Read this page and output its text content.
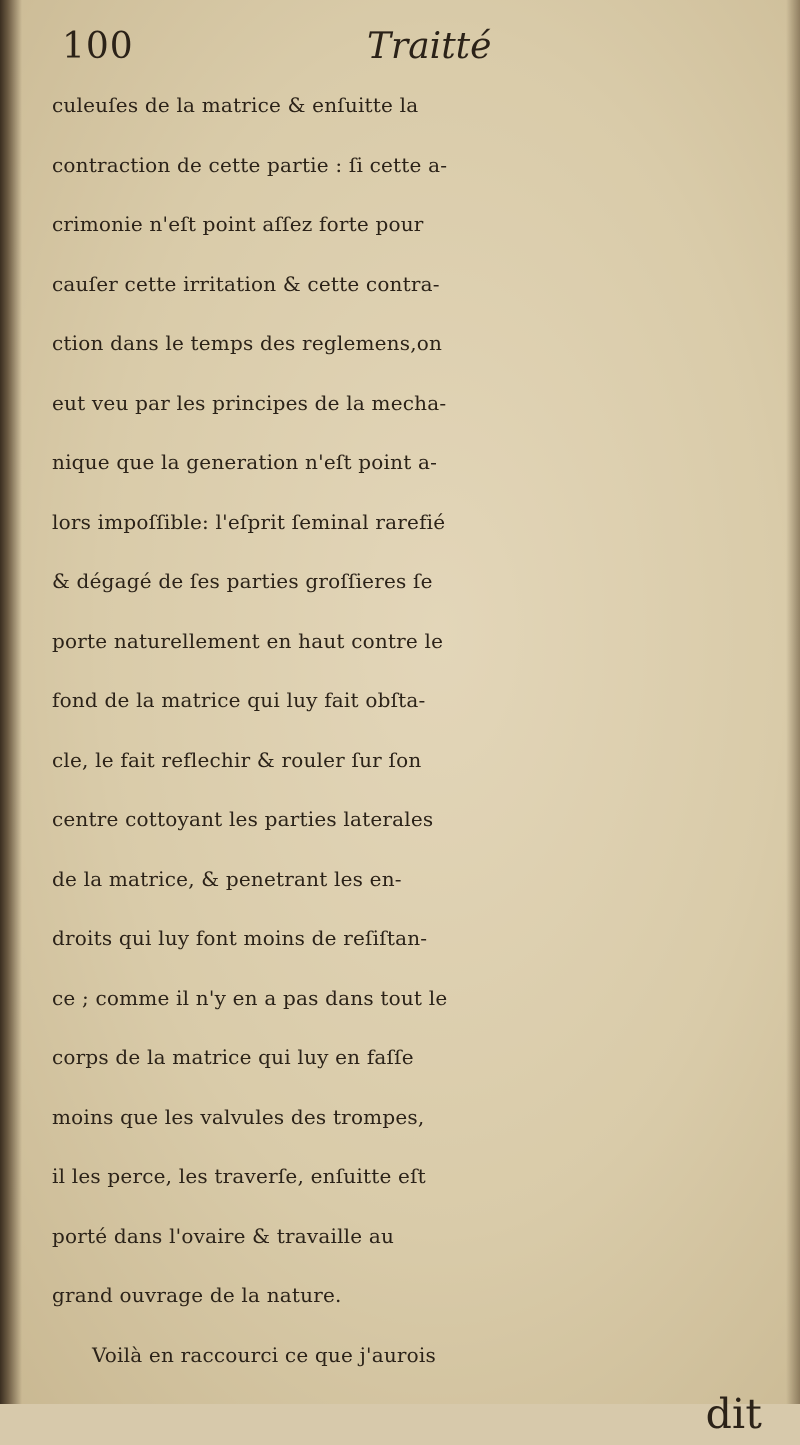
100	Traitté
culeuſes de la matrice & enſuitte la
contraction de cette partie : ſi cette a-
crimonie n'eſt point aſſez forte pour
cauſer cette irritation & cette contra-
ction dans le temps des reglemens,on
eut veu par les principes de la mecha-
nique que la generation n'eſt point a-
lors impoſſible: l'eſprit ſeminal rarefié
& dégagé de ſes parties groſſieres ſe
porte naturellement en haut contre le
fond de la matrice qui luy fait obſta-
cle, le fait reflechir & rouler ſur ſon
centre cottoyant les parties laterales
de la matrice, & penetrant les en-
droits qui luy font moins de reſiſtan-
ce ; comme il n'y en a pas dans tout le
corps de la matrice qui luy en faſſe
moins que les valvules des trompes,
il les perce, les traverſe, enſuitte eſt
porté dans l'ovaire & travaille au
grand ouvrage de la nature.
Voilà en raccourci ce que j'aurois
dit
